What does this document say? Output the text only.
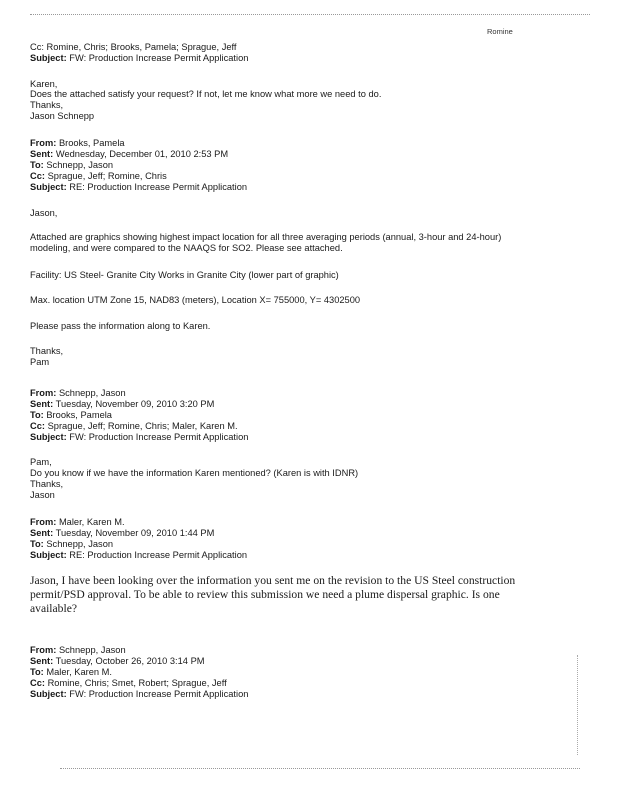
Romine
Cc: Romine, Chris; Brooks, Pamela; Sprague, Jeff
Subject: FW: Production Increase Permit Application
Karen,
Does the attached satisfy your request? If not, let me know what more we need to do.
Thanks,
Jason Schnepp
From: Brooks, Pamela
Sent: Wednesday, December 01, 2010 2:53 PM
To: Schnepp, Jason
Cc: Sprague, Jeff; Romine, Chris
Subject: RE: Production Increase Permit Application
Jason,
Attached are graphics showing highest impact location for all three averaging periods (annual, 3-hour and 24-hour)
modeling, and were compared to the NAAQS for SO2. Please see attached.
Facility: US Steel- Granite City Works in Granite City (lower part of graphic)
Max. location UTM Zone 15, NAD83 (meters), Location X= 755000, Y= 4302500
Please pass the information along to Karen.
Thanks,
Pam
From: Schnepp, Jason
Sent: Tuesday, November 09, 2010 3:20 PM
To: Brooks, Pamela
Cc: Sprague, Jeff; Romine, Chris; Maler, Karen M.
Subject: FW: Production Increase Permit Application
Pam,
Do you know if we have the information Karen mentioned? (Karen is with IDNR)
Thanks,
Jason
From: Maler, Karen M.
Sent: Tuesday, November 09, 2010 1:44 PM
To: Schnepp, Jason
Subject: RE: Production Increase Permit Application
Jason, I have been looking over the information you sent me on the revision to the US Steel construction permit/PSD approval. To be able to review this submission we need a plume dispersal graphic. Is one available?
From: Schnepp, Jason
Sent: Tuesday, October 26, 2010 3:14 PM
To: Maler, Karen M.
Cc: Romine, Chris; Smet, Robert; Sprague, Jeff
Subject: FW: Production Increase Permit Application
